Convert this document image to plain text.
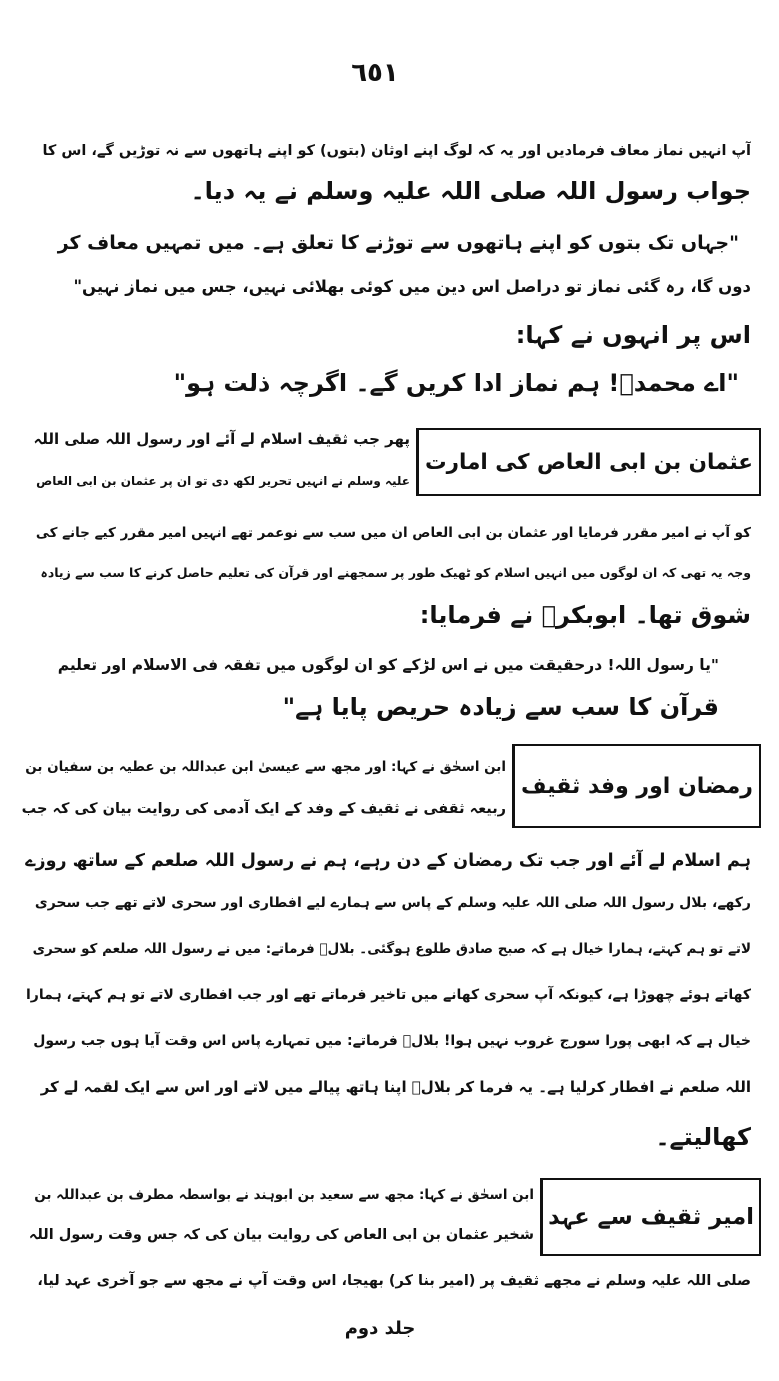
٦٥١
آپ انہیں نماز معاف فرمادیں اور یہ کہ لوگ اپنے اوثان (بتوں) کو اپنے ہاتھوں سے نہ توڑیں گے، اس کا
جواب رسول اللہ صلی اللہ علیہ وسلم نے یہ دیا۔
"جہاں تک بتوں کو اپنے ہاتھوں سے توڑنے کا تعلق ہے۔ میں تمہیں معاف کر
دوں گا، رہ گئی نماز تو دراصل اس دین میں کوئی بھلائی نہیں، جس میں نماز نہیں"
اس پر انہوں نے کہا:
"اے محمدؐ! ہم نماز ادا کریں گے۔ اگرچہ ذلت ہو"
عثمان بن ابی العاص کی امارت
پھر جب ثقیف اسلام لے آئے اور رسول اللہ صلی اللہ
علیہ وسلم نے انہیں تحریر لکھ دی تو ان پر عثمان بن ابی العاص
کو آپ نے امیر مقرر فرمایا اور عثمان بن ابی العاص ان میں سب سے نوعمر تھے انہیں امیر مقرر کیے جانے کی
وجہ یہ تھی کہ ان لوگوں میں انہیں اسلام کو ٹھیک طور پر سمجھنے اور قرآن کی تعلیم حاصل کرنے کا سب سے زیادہ
شوق تھا۔ ابوبکرؓ نے فرمایا:
"یا رسول اللہ! درحقیقت میں نے اس لڑکے کو ان لوگوں میں تفقہ فی الاسلام اور تعلیم
قرآن کا سب سے زیادہ حریص پایا ہے"
رمضان اور وفد ثقیف
ابن اسحٰق نے کہا: اور مجھ سے عیسیٰ ابن عبداللہ بن عطیہ بن سفیان بن
ربیعہ ثقفی نے ثقیف کے وفد کے ایک آدمی کی روایت بیان کی کہ جب
ہم اسلام لے آئے اور جب تک رمضان کے دن رہے، ہم نے رسول اللہ صلعم کے ساتھ روزے
رکھے، بلال رسول اللہ صلی اللہ علیہ وسلم کے پاس سے ہمارے لیے افطاری اور سحری لاتے تھے جب سحری
لاتے تو ہم کہتے، ہمارا خیال ہے کہ صبح صادق طلوع ہوگئی۔ بلالؓ فرماتے: میں نے رسول اللہ صلعم کو سحری
کھاتے ہوئے چھوڑا ہے، کیونکہ آپ سحری کھانے میں تاخیر فرماتے تھے اور جب افطاری لاتے تو ہم کہتے، ہمارا
خیال ہے کہ ابھی پورا سورج غروب نہیں ہوا! بلالؓ فرماتے: میں تمہارے پاس اس وقت آیا ہوں جب رسول
اللہ صلعم نے افطار کرلیا ہے۔ یہ فرما کر بلالؓ اپنا ہاتھ پیالے میں لاتے اور اس سے ایک لقمہ لے کر
کھالیتے۔
امیر ثقیف سے عہد
ابن اسحٰق نے کہا: مجھ سے سعید بن ابوہند نے بواسطہ مطرف بن عبداللہ بن
شخیر عثمان بن ابی العاص کی روایت بیان کی کہ جس وقت رسول اللہ
صلی اللہ علیہ وسلم نے مجھے ثقیف پر (امیر بنا کر) بھیجا، اس وقت آپ نے مجھ سے جو آخری عہد لیا،
جلد دوم
